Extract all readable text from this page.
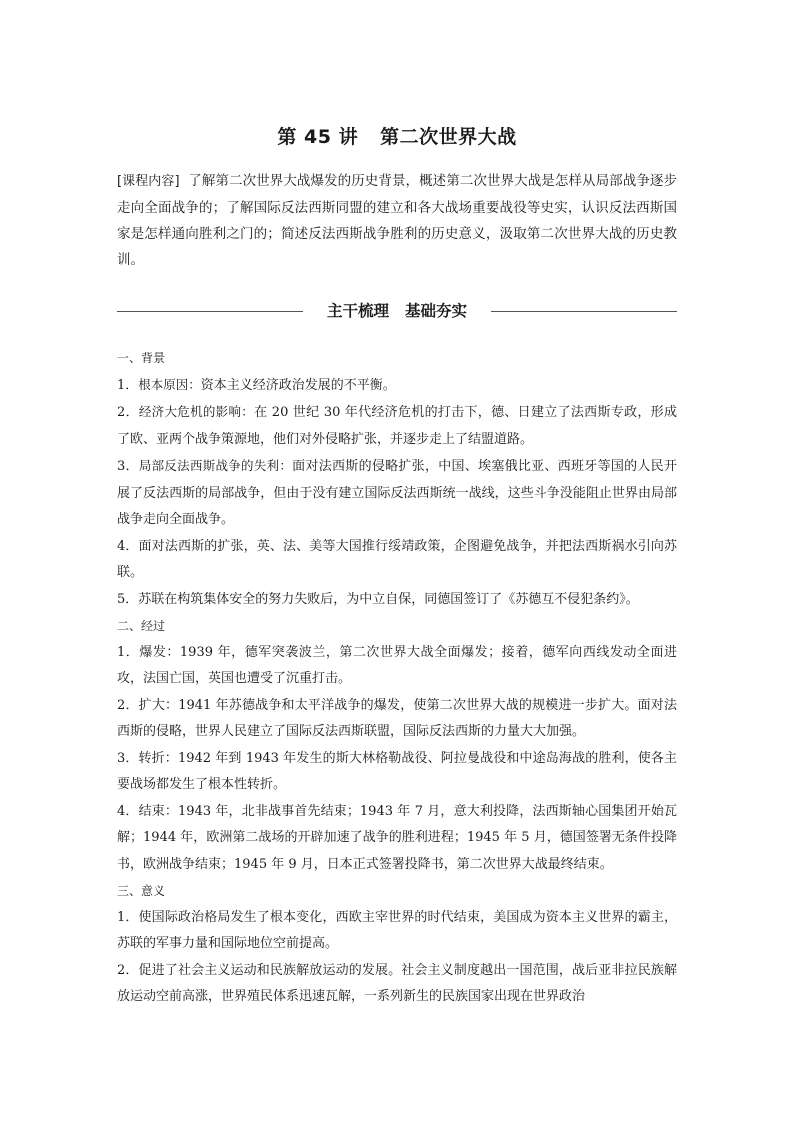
第 45 讲 第二次世界大战
[课程内容] 了解第二次世界大战爆发的历史背景，概述第二次世界大战是怎样从局部战争逐步走向全面战争的；了解国际反法西斯同盟的建立和各大战场重要战役等史实，认识反法西斯国家是怎样通向胜利之门的；简述反法西斯战争胜利的历史意义，汲取第二次世界大战的历史教训。
主干梳理 基础夯实

一、背景

1．根本原因：资本主义经济政治发展的不平衡。

2．经济大危机的影响：在 20 世纪 30 年代经济危机的打击下，德、日建立了法西斯专政，形成了欧、亚两个战争策源地，他们对外侵略扩张，并逐步走上了结盟道路。

3．局部反法西斯战争的失利：面对法西斯的侵略扩张，中国、埃塞俄比亚、西班牙等国的人民开展了反法西斯的局部战争，但由于没有建立国际反法西斯统一战线，这些斗争没能阻止世界由局部战争走向全面战争。

4．面对法西斯的扩张，英、法、美等大国推行绥靖政策，企图避免战争，并把法西斯祸水引向苏联。

5．苏联在构筑集体安全的努力失败后，为中立自保，同德国签订了《苏德互不侵犯条约》。

二、经过

1．爆发：1939 年，德军突袭波兰，第二次世界大战全面爆发；接着，德军向西线发动全面进攻，法国亡国，英国也遭受了沉重打击。

2．扩大：1941 年苏德战争和太平洋战争的爆发，使第二次世界大战的规模进一步扩大。面对法西斯的侵略，世界人民建立了国际反法西斯联盟，国际反法西斯的力量大大加强。

3．转折：1942 年到 1943 年发生的斯大林格勒战役、阿拉曼战役和中途岛海战的胜利，使各主要战场都发生了根本性转折。

4．结束：1943 年，北非战事首先结束；1943 年 7 月，意大利投降，法西斯轴心国集团开始瓦解；1944 年，欧洲第二战场的开辟加速了战争的胜利进程；1945 年 5 月，德国签署无条件投降书，欧洲战争结束；1945 年 9 月，日本正式签署投降书，第二次世界大战最终结束。

三、意义

1．使国际政治格局发生了根本变化，西欧主宰世界的时代结束，美国成为资本主义世界的霸主，苏联的军事力量和国际地位空前提高。

2．促进了社会主义运动和民族解放运动的发展。社会主义制度越出一国范围，战后亚非拉民族解放运动空前高涨，世界殖民体系迅速瓦解，一系列新生的民族国家出现在世界政治
